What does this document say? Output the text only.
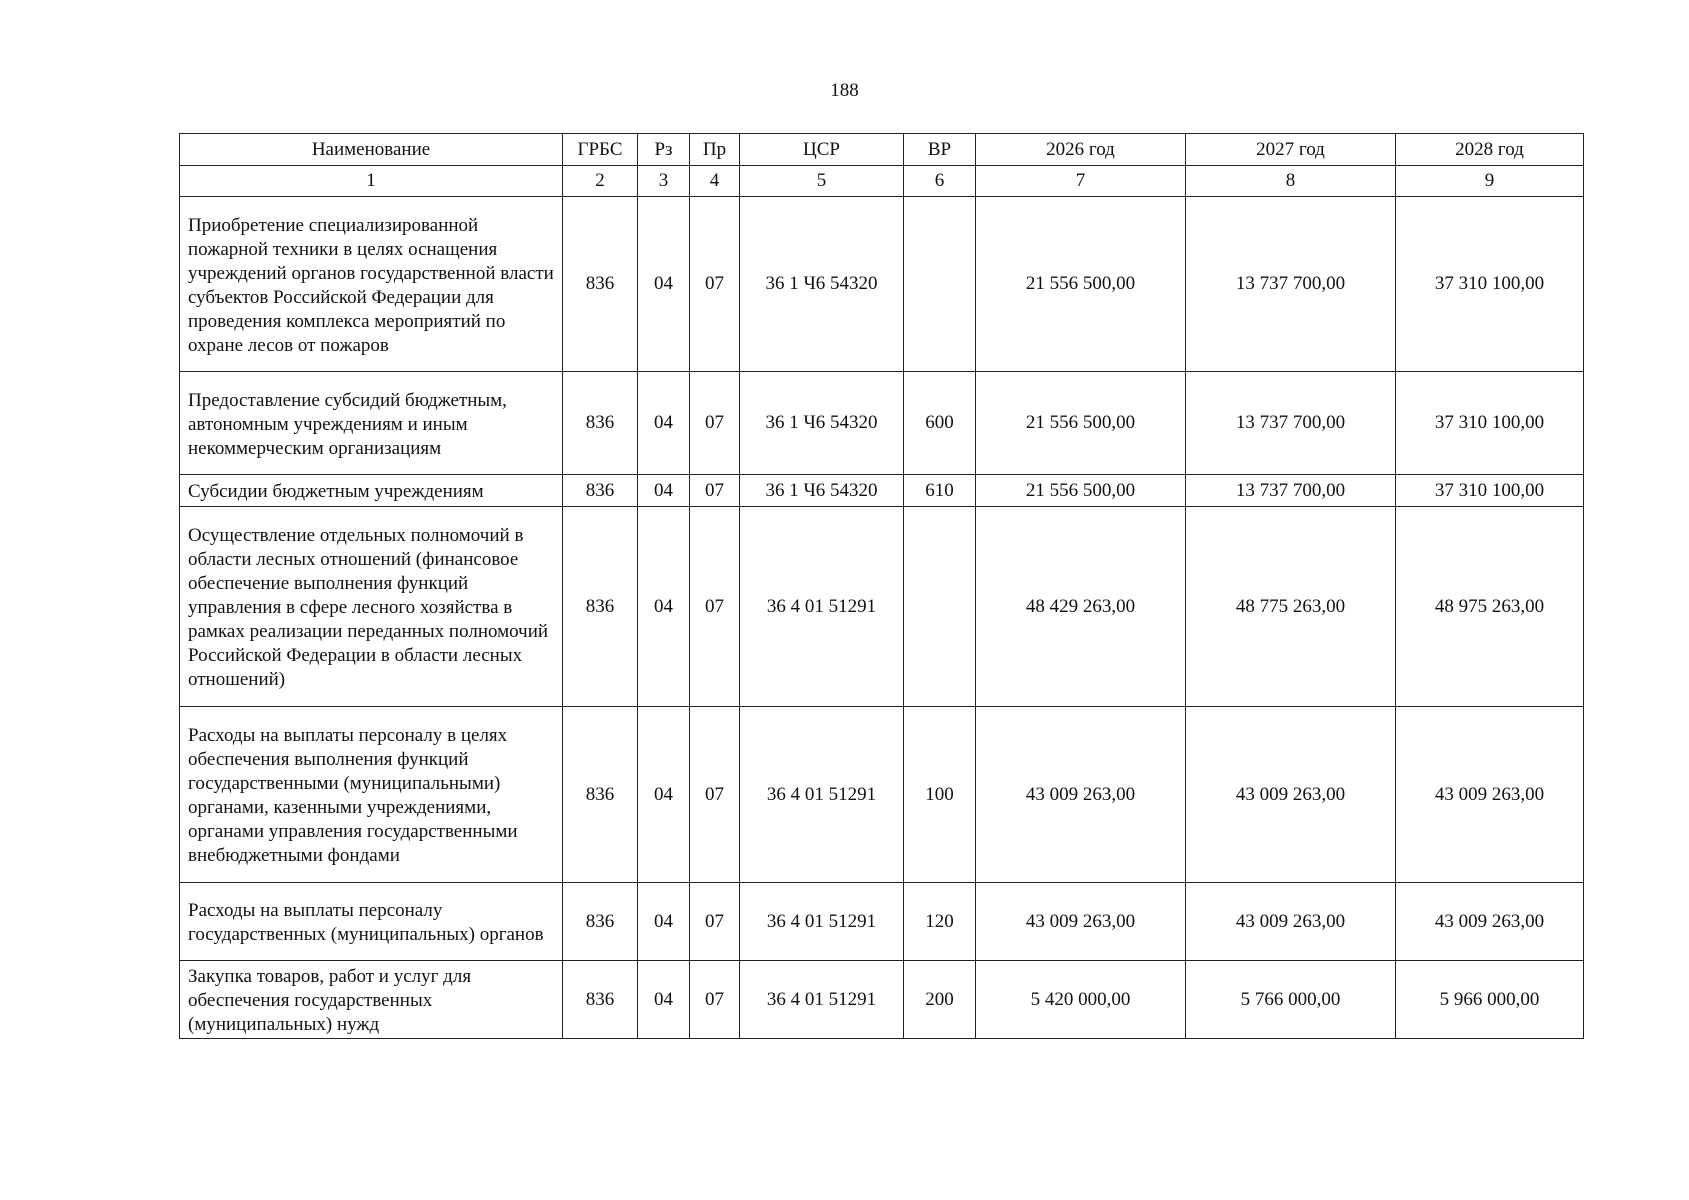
188
Наименование	ГРБС	Рз	Пр	ЦСР	ВР	2026 год	2027 год	2028 год
1	2	3	4	5	6	7	8	9
Приобретение специализированной пожарной техники в целях оснащения учреждений органов государственной власти субъектов Российской Федерации для проведения комплекса мероприятий по охране лесов от пожаров	836	04	07	36 1 Ч6 54320		21 556 500,00	13 737 700,00	37 310 100,00
Предоставление субсидий бюджетным, автономным учреждениям и иным некоммерческим организациям	836	04	07	36 1 Ч6 54320	600	21 556 500,00	13 737 700,00	37 310 100,00
Субсидии бюджетным учреждениям	836	04	07	36 1 Ч6 54320	610	21 556 500,00	13 737 700,00	37 310 100,00
Осуществление отдельных полномочий в области лесных отношений (финансовое обеспечение выполнения функций управления в сфере лесного хозяйства в рамках реализации переданных полномочий Российской Федерации в области лесных отношений)	836	04	07	36 4 01 51291		48 429 263,00	48 775 263,00	48 975 263,00
Расходы на выплаты персоналу в целях обеспечения выполнения функций государственными (муниципальными) органами, казенными учреждениями, органами управления государственными внебюджетными фондами	836	04	07	36 4 01 51291	100	43 009 263,00	43 009 263,00	43 009 263,00
Расходы на выплаты персоналу государственных (муниципальных) органов	836	04	07	36 4 01 51291	120	43 009 263,00	43 009 263,00	43 009 263,00
Закупка товаров, работ и услуг для обеспечения государственных (муниципальных) нужд	836	04	07	36 4 01 51291	200	5 420 000,00	5 766 000,00	5 966 000,00
